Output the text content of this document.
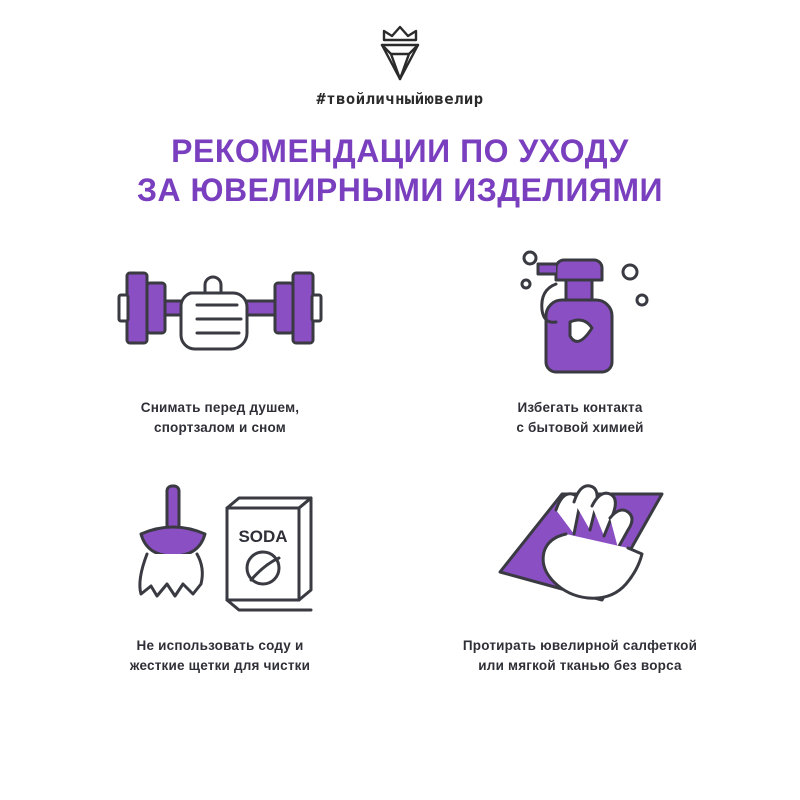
#твойличныйювелир
РЕКОМЕНДАЦИИ ПО УХОДУ
ЗА ЮВЕЛИРНЫМИ ИЗДЕЛИЯМИ
Снимать перед душем,
спортзалом и сном
Избегать контакта
с бытовой химией
SODA
Не использовать соду и
жесткие щетки для чистки
Протирать ювелирной салфеткой
или мягкой тканью без ворса
